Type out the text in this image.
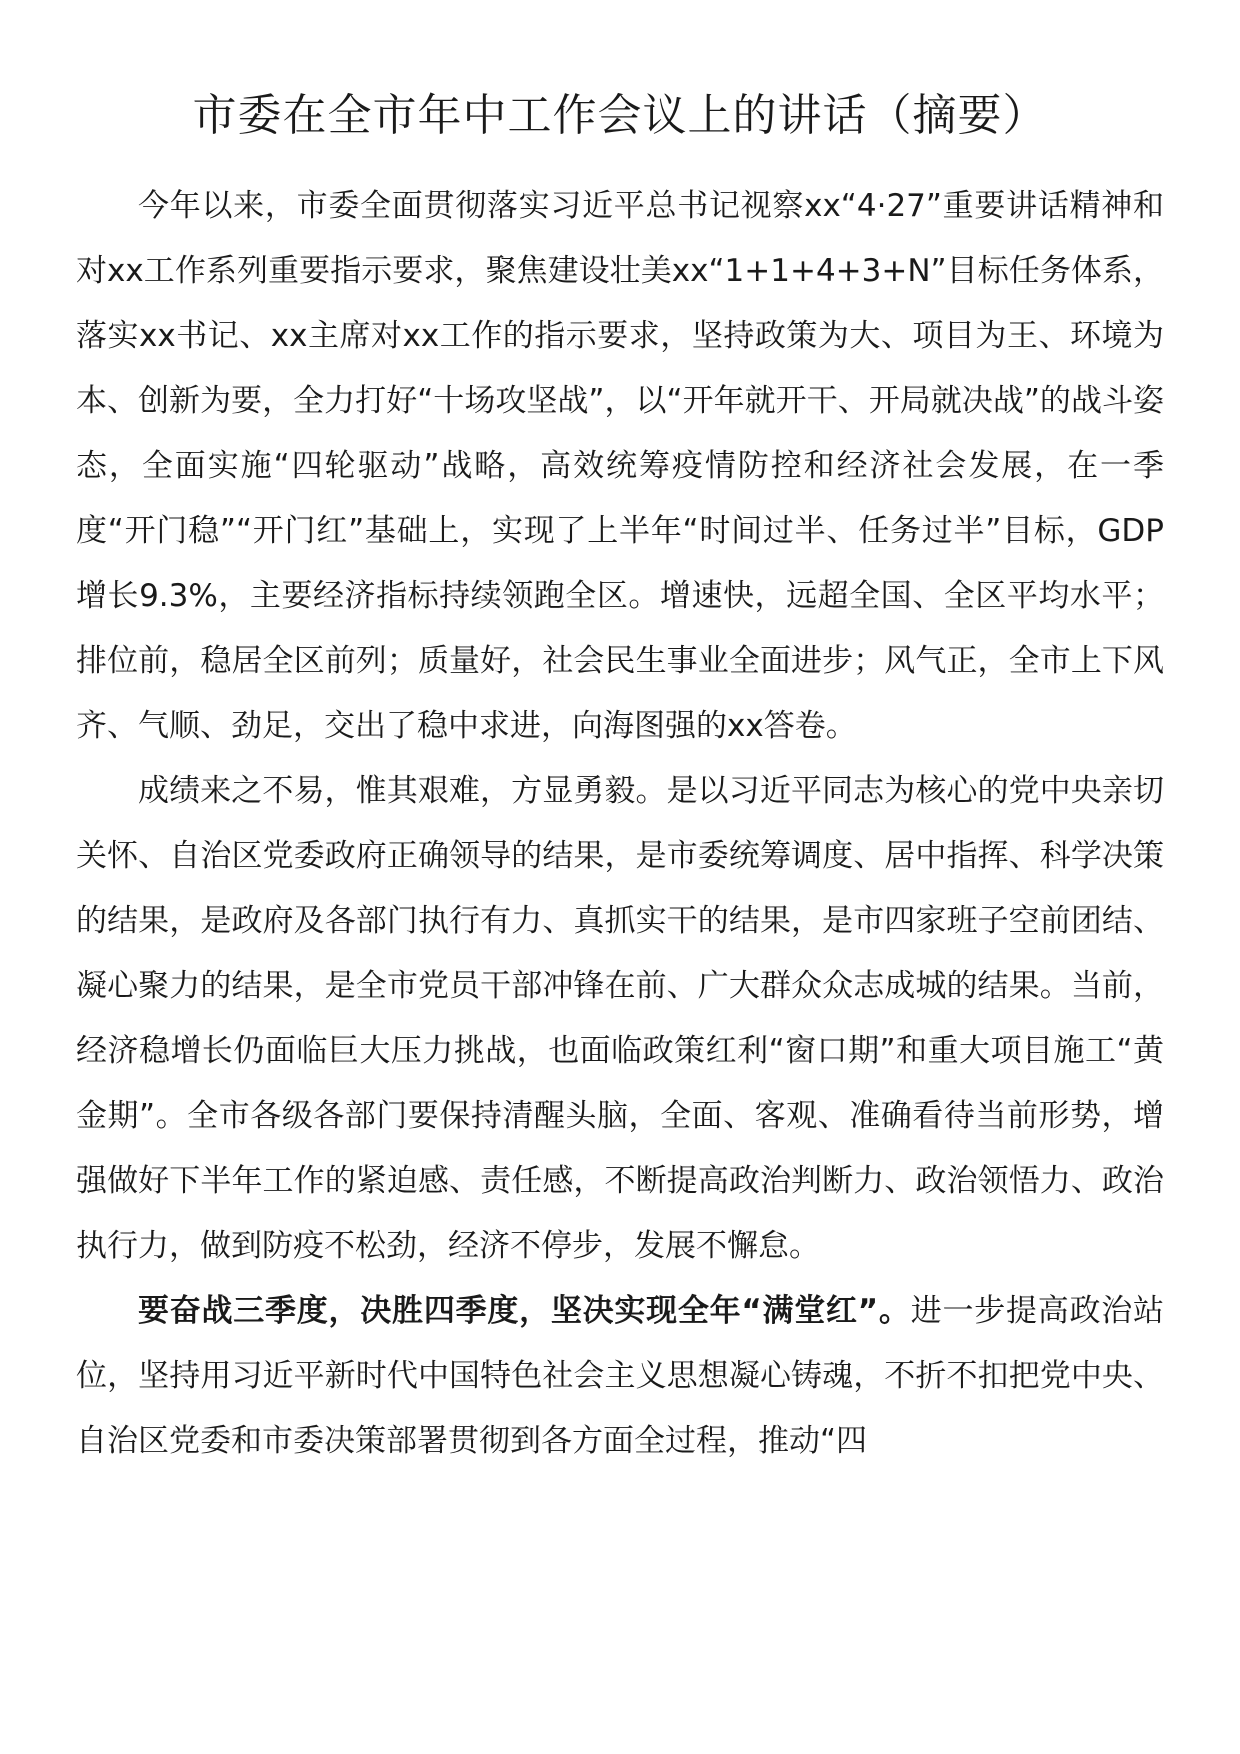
市委在全市年中工作会议上的讲话（摘要）

今年以来，市委全面贯彻落实习近平总书记视察xx“4·27”重要讲话精神和对xx工作系列重要指示要求，聚焦建设壮美xx“1+1+4+3+N”目标任务体系，落实xx书记、xx主席对xx工作的指示要求，坚持政策为大、项目为王、环境为本、创新为要，全力打好“十场攻坚战”，以“开年就开干、开局就决战”的战斗姿态，全面实施“四轮驱动”战略，高效统筹疫情防控和经济社会发展，在一季度“开门稳”“开门红”基础上，实现了上半年“时间过半、任务过半”目标，GDP增长9.3%，主要经济指标持续领跑全区。增速快，远超全国、全区平均水平；排位前，稳居全区前列；质量好，社会民生事业全面进步；风气正，全市上下风齐、气顺、劲足，交出了稳中求进，向海图强的xx答卷。

成绩来之不易，惟其艰难，方显勇毅。是以习近平同志为核心的党中央亲切关怀、自治区党委政府正确领导的结果，是市委统筹调度、居中指挥、科学决策的结果，是政府及各部门执行有力、真抓实干的结果，是市四家班子空前团结、凝心聚力的结果，是全市党员干部冲锋在前、广大群众众志成城的结果。当前，经济稳增长仍面临巨大压力挑战，也面临政策红利“窗口期”和重大项目施工“黄金期”。全市各级各部门要保持清醒头脑，全面、客观、准确看待当前形势，增强做好下半年工作的紧迫感、责任感，不断提高政治判断力、政治领悟力、政治执行力，做到防疫不松劲，经济不停步，发展不懈怠。

要奋战三季度，决胜四季度，坚决实现全年“满堂红”。进一步提高政治站位，坚持用习近平新时代中国特色社会主义思想凝心铸魂，不折不扣把党中央、自治区党委和市委决策部署贯彻到各方面全过程，推动“四
